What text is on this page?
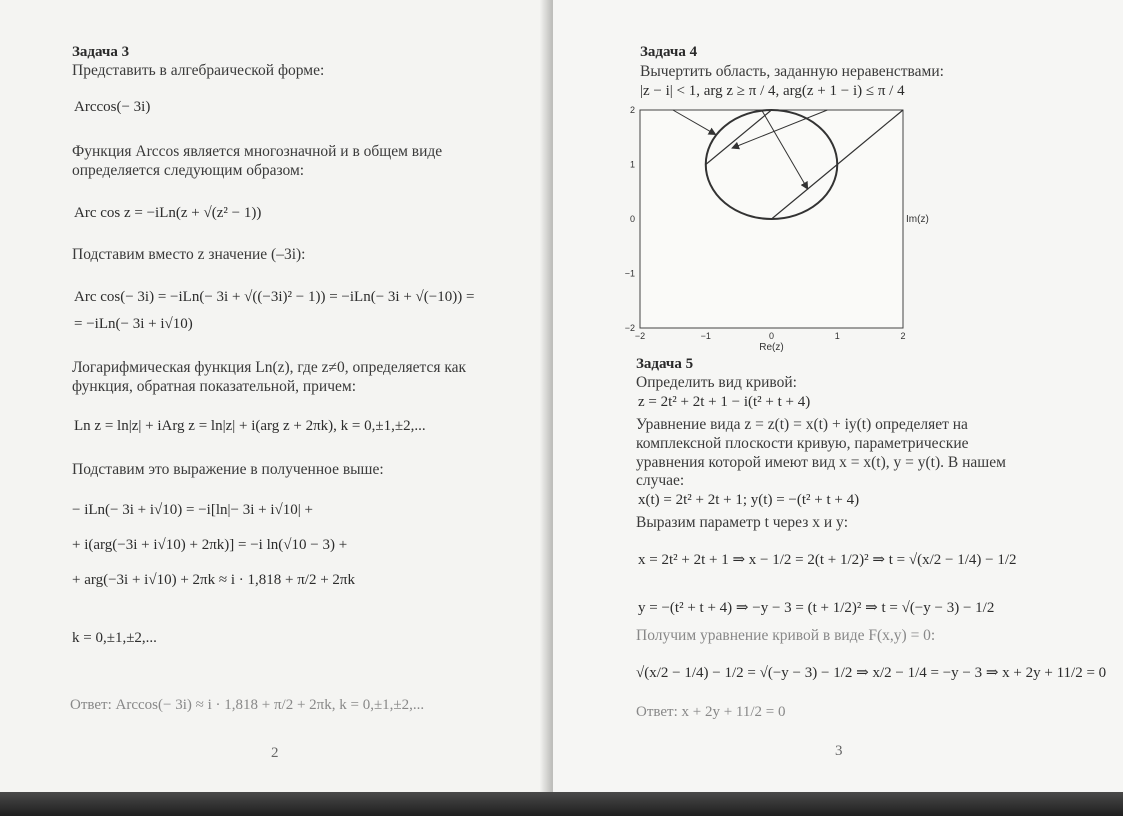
Задача 3
Представить в алгебраической форме:
Arccos(− 3i)
Функция Arccos является многозначной и в общем виде
определяется следующим образом:
Arc cos z = −iLn(z + √(z² − 1))
Подставим вместо z значение (–3i):
Arc cos(− 3i) = −iLn(− 3i + √((−3i)² − 1)) = −iLn(− 3i + √(−10)) =
= −iLn(− 3i + i√10)
Логарифмическая функция Ln(z), где z≠0, определяется как
функция, обратная показательной, причем:
Ln z = ln|z| + iArg z = ln|z| + i(arg z + 2πk), k = 0,±1,±2,...
Подставим это выражение в полученное выше:
− iLn(− 3i + i√10) = −i[ln|− 3i + i√10| +
+ i(arg(−3i + i√10) + 2πk)] = −i ln(√10 − 3) +
+ arg(−3i + i√10) + 2πk ≈ i · 1,818 + π/2 + 2πk
k = 0,±1,±2,...
Ответ: Arccos(− 3i) ≈ i · 1,818 + π/2 + 2πk, k = 0,±1,±2,...
2
Задача 4
Вычертить область, заданную неравенствами:
|z − i| < 1, arg z ≥ π / 4, arg(z + 1 − i) ≤ π / 4
−2	−1	0	1	2
2
1
0
−1
−2
Re(z)
Im(z)
Задача 5
Определить вид кривой:
z = 2t² + 2t + 1 − i(t² + t + 4)
Уравнение вида z = z(t) = x(t) + iy(t) определяет на
комплексной плоскости кривую, параметрические
уравнения которой имеют вид x = x(t), y = y(t). В нашем
случае:
x(t) = 2t² + 2t + 1; y(t) = −(t² + t + 4)
Выразим параметр t через x и y:
x = 2t² + 2t + 1 ⇒ x − 1/2 = 2(t + 1/2)² ⇒ t = √(x/2 − 1/4) − 1/2
y = −(t² + t + 4) ⇒ −y − 3 = (t + 1/2)² ⇒ t = √(−y − 3) − 1/2
Получим уравнение кривой в виде F(x,y) = 0:
√(x/2 − 1/4) − 1/2 = √(−y − 3) − 1/2 ⇒ x/2 − 1/4 = −y − 3 ⇒ x + 2y + 11/2 = 0
Ответ: x + 2y + 11/2 = 0
3
